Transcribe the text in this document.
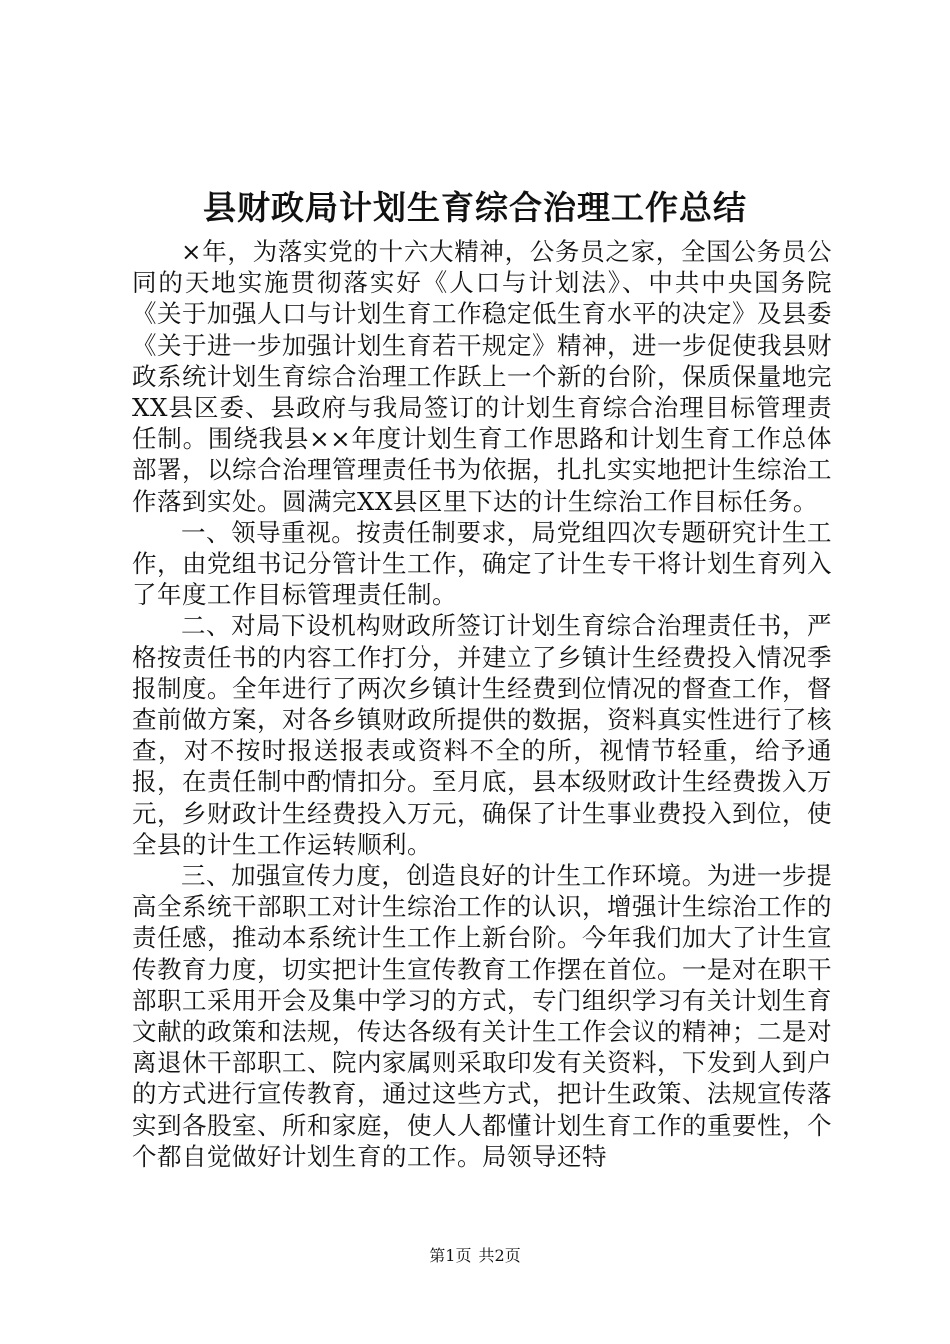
县财政局计划生育综合治理工作总结

×年，为落实党的十六大精神，公务员之家，全国公务员公同的天地实施贯彻落实好《人口与计划法》、中共中央国务院《关于加强人口与计划生育工作稳定低生育水平的决定》及县委《关于进一步加强计划生育若干规定》精神，进一步促使我县财政系统计划生育综合治理工作跃上一个新的台阶，保质保量地完XX县区委、县政府与我局签订的计划生育综合治理目标管理责任制。围绕我县××年度计划生育工作思路和计划生育工作总体部署，以综合治理管理责任书为依据，扎扎实实地把计生综治工作落到实处。圆满完XX县区里下达的计生综治工作目标任务。

一、领导重视。按责任制要求，局党组四次专题研究计生工作，由党组书记分管计生工作，确定了计生专干将计划生育列入了年度工作目标管理责任制。

二、对局下设机构财政所签订计划生育综合治理责任书，严格按责任书的内容工作打分，并建立了乡镇计生经费投入情况季报制度。全年进行了两次乡镇计生经费到位情况的督查工作，督查前做方案，对各乡镇财政所提供的数据，资料真实性进行了核查，对不按时报送报表或资料不全的所，视情节轻重，给予通报，在责任制中酌情扣分。至月底，县本级财政计生经费拨入万元，乡财政计生经费投入万元，确保了计生事业费投入到位，使全县的计生工作运转顺利。

三、加强宣传力度，创造良好的计生工作环境。为进一步提高全系统干部职工对计生综治工作的认识，增强计生综治工作的责任感，推动本系统计生工作上新台阶。今年我们加大了计生宣传教育力度，切实把计生宣传教育工作摆在首位。一是对在职干部职工采用开会及集中学习的方式，专门组织学习有关计划生育文献的政策和法规，传达各级有关计生工作会议的精神；二是对离退休干部职工、院内家属则采取印发有关资料，下发到人到户的方式进行宣传教育，通过这些方式，把计生政策、法规宣传落实到各股室、所和家庭，使人人都懂计划生育工作的重要性，个个都自觉做好计划生育的工作。局领导还特

第1页 共2页
